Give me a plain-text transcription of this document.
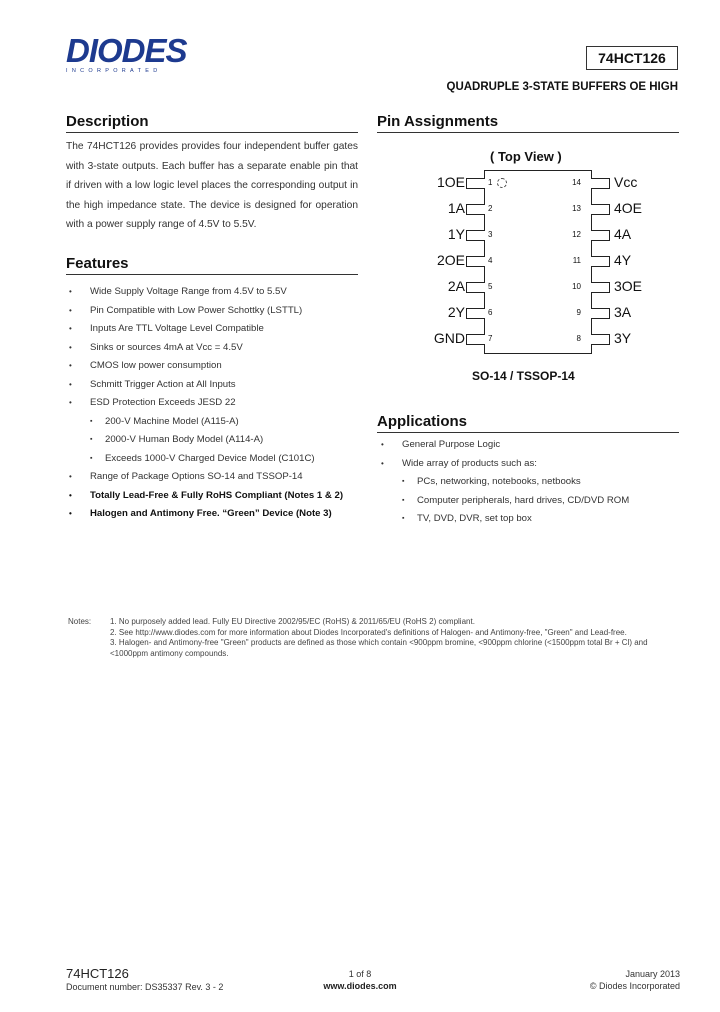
DIODES
INCORPORATED
74HCT126
QUADRUPLE 3-STATE BUFFERS OE HIGH
Description
The 74HCT126 provides provides four independent buffer gates with 3-state outputs. Each buffer has a separate enable pin that if driven with a low logic level places the corresponding output in the high impedance state. The device is designed for operation with a power supply range of 4.5V to 5.5V.
Features
• Wide Supply Voltage Range from 4.5V to 5.5V
• Pin Compatible with Low Power Schottky (LSTTL)
• Inputs Are TTL Voltage Level Compatible
• Sinks or sources 4mA at Vcc = 4.5V
• CMOS low power consumption
• Schmitt Trigger Action at All Inputs
• ESD Protection Exceeds JESD 22
▪ 200-V Machine Model (A115-A)
▪ 2000-V Human Body Model (A114-A)
▪ Exceeds 1000-V Charged Device Model (C101C)
• Range of Package Options SO-14 and TSSOP-14
• Totally Lead-Free & Fully RoHS Compliant (Notes 1 & 2)
• Halogen and Antimony Free. “Green” Device (Note 3)
Pin Assignments
( Top View )
1OE	1
1A	2
1Y	3
2OE	4
2A	5
2Y	6
GND	7
14 Vcc
13 4OE
12 4A
11 4Y
10 3OE
9 3A
8 3Y
SO-14 / TSSOP-14
Applications
• General Purpose Logic
• Wide array of products such as:
▪ PCs, networking, notebooks, netbooks
▪ Computer peripherals, hard drives, CD/DVD ROM
▪ TV, DVD, DVR, set top box
Notes: 1. No purposely added lead. Fully EU Directive 2002/95/EC (RoHS) & 2011/65/EU (RoHS 2) compliant.
2. See http://www.diodes.com for more information about Diodes Incorporated's definitions of Halogen- and Antimony-free, "Green" and Lead-free.
3. Halogen- and Antimony-free "Green" products are defined as those which contain <900ppm bromine, <900ppm chlorine (<1500ppm total Br + Cl) and <1000ppm antimony compounds.
74HCT126
Document number: DS35337 Rev. 3 - 2
1 of 8
www.diodes.com
January 2013
© Diodes Incorporated
